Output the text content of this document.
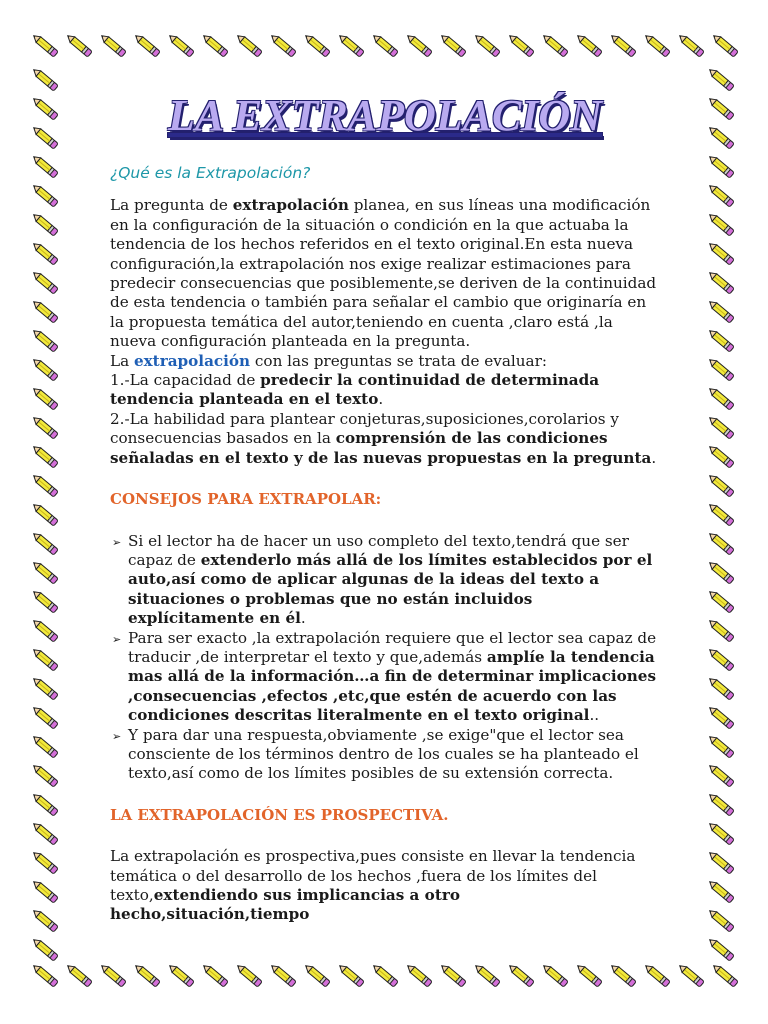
LA EXTRAPOLACIÓN

¿Qué es la Extrapolación?

La pregunta de extrapolación planea, en sus líneas una modificación en la configuración de la situación o condición en la que actuaba la tendencia de los hechos referidos en el texto original.En esta nueva configuración,la extrapolación nos exige realizar estimaciones para predecir consecuencias que posiblemente,se deriven de la continuidad de esta tendencia o también para señalar el cambio que originaría en la propuesta temática del autor,teniendo en cuenta ,claro está ,la nueva configuración planteada en la pregunta.

La extrapolación con las preguntas se trata de evaluar:

1.-La capacidad de predecir la continuidad de determinada tendencia planteada en el texto.

2.-La habilidad para plantear conjeturas,suposiciones,corolarios y consecuencias basados en la comprensión de las condiciones señaladas en el texto y de las nuevas propuestas en la pregunta.

CONSEJOS PARA EXTRAPOLAR:

➢ Si el lector ha de hacer un uso completo del texto,tendrá que ser capaz de extenderlo más allá de los límites establecidos por el auto,así como de aplicar algunas de la ideas del texto a situaciones o problemas que no están incluidos explícitamente en él.
➢ Para ser exacto ,la extrapolación requiere que el lector sea capaz de traducir ,de interpretar el texto y que,además amplíe la tendencia mas allá de la información…a fin de determinar implicaciones ,consecuencias ,efectos ,etc,que estén de acuerdo con las condiciones descritas literalmente en el texto original..
➢ Y para dar una respuesta,obviamente ,se exige"que el lector sea consciente de los términos dentro de los cuales se ha planteado el texto,así como de los límites posibles de su extensión correcta.

LA EXTRAPOLACIÓN ES PROSPECTIVA.

La extrapolación es prospectiva,pues consiste en llevar la tendencia temática o del desarrollo de los hechos ,fuera de los límites del texto,extendiendo sus implicancias a otro hecho,situación,tiempo
